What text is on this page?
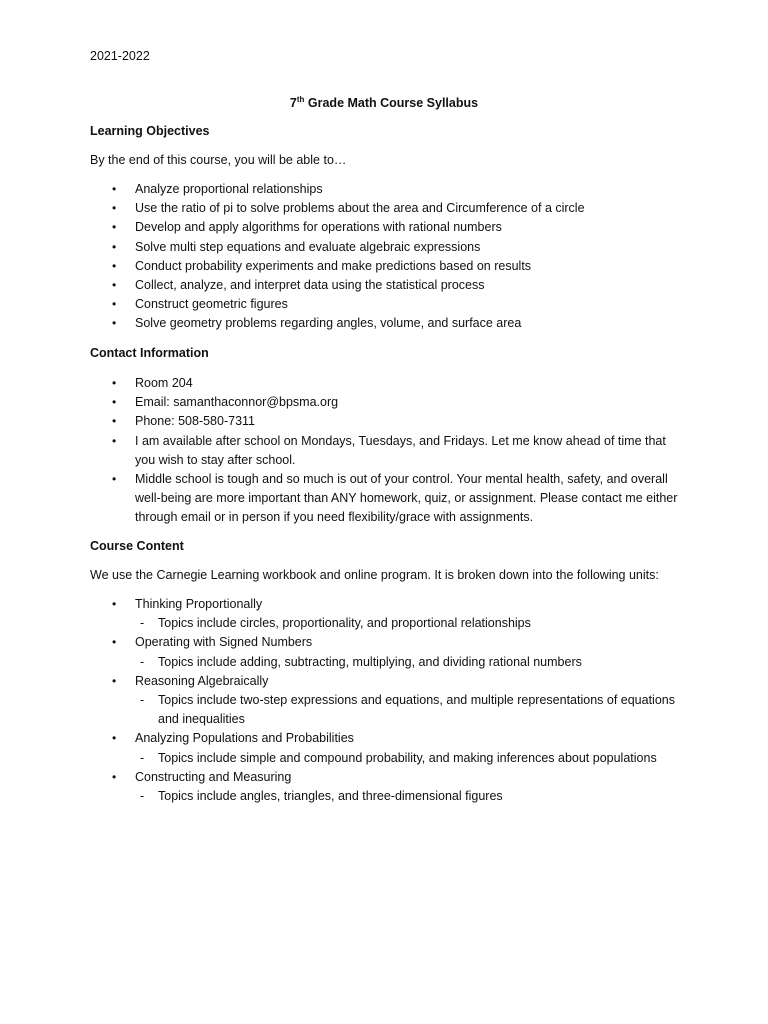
2021-2022
7th Grade Math Course Syllabus
Learning Objectives
By the end of this course, you will be able to…
• Analyze proportional relationships
• Use the ratio of pi to solve problems about the area and Circumference of a circle
• Develop and apply algorithms for operations with rational numbers
• Solve multi step equations and evaluate algebraic expressions
• Conduct probability experiments and make predictions based on results
• Collect, analyze, and interpret data using the statistical process
• Construct geometric figures
• Solve geometry problems regarding angles, volume, and surface area
Contact Information
• Room 204
• Email: samanthaconnor@bpsma.org
• Phone: 508-580-7311
• I am available after school on Mondays, Tuesdays, and Fridays. Let me know ahead of time that you wish to stay after school.
• Middle school is tough and so much is out of your control. Your mental health, safety, and overall well-being are more important than ANY homework, quiz, or assignment. Please contact me either through email or in person if you need flexibility/grace with assignments.
Course Content
We use the Carnegie Learning workbook and online program. It is broken down into the following units:
• Thinking Proportionally
- Topics include circles, proportionality, and proportional relationships
• Operating with Signed Numbers
- Topics include adding, subtracting, multiplying, and dividing rational numbers
• Reasoning Algebraically
- Topics include two-step expressions and equations, and multiple representations of equations and inequalities
• Analyzing Populations and Probabilities
- Topics include simple and compound probability, and making inferences about populations
• Constructing and Measuring
- Topics include angles, triangles, and three-dimensional figures
